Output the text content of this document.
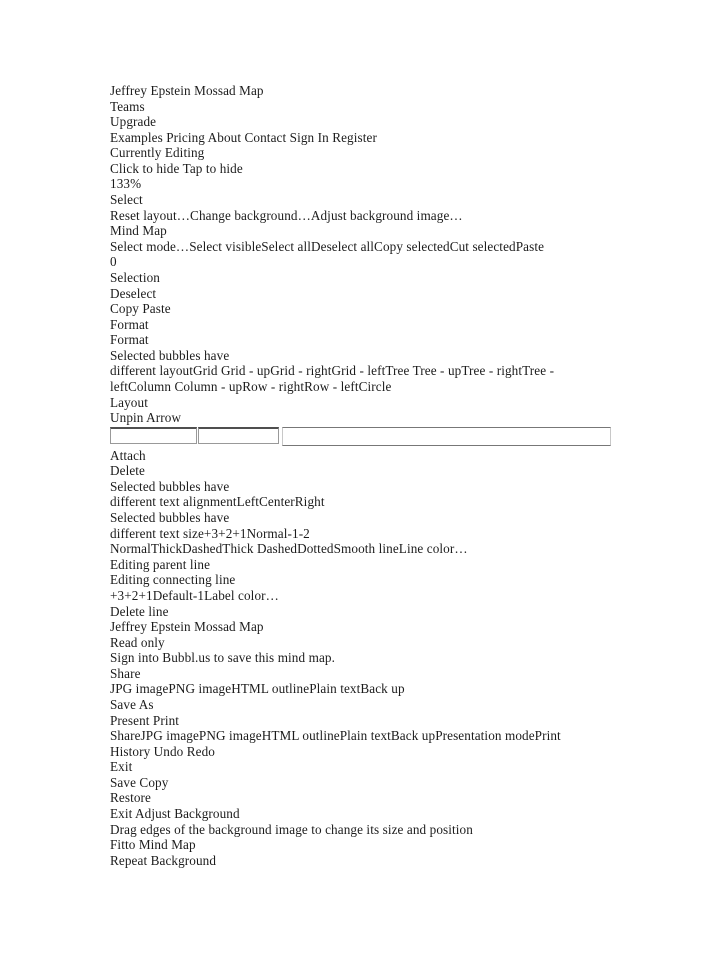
Jeffrey Epstein Mossad Map
Teams
Upgrade
Examples Pricing About Contact Sign In Register
Currently Editing
Click to hide Tap to hide
133%
Select
Reset layout…Change background…Adjust background image…
Mind Map
Select mode…Select visibleSelect allDeselect allCopy selectedCut selectedPaste
0
Selection
Deselect
Copy Paste
Format
Format
Selected bubbles have
different layoutGrid Grid - upGrid - rightGrid - leftTree Tree - upTree - rightTree -
leftColumn Column - upRow - rightRow - leftCircle
Layout
Unpin Arrow

Attach
Delete
Selected bubbles have
different text alignmentLeftCenterRight
Selected bubbles have
different text size+3+2+1Normal-1-2
NormalThickDashedThick DashedDottedSmooth lineLine color…
Editing parent line
Editing connecting line
+3+2+1Default-1Label color…
Delete line
Jeffrey Epstein Mossad Map
Read only
Sign into Bubbl.us to save this mind map.
Share
JPG imagePNG imageHTML outlinePlain textBack up
Save As
Present Print
ShareJPG imagePNG imageHTML outlinePlain textBack upPresentation modePrint
History Undo Redo
Exit
Save Copy
Restore
Exit Adjust Background
Drag edges of the background image to change its size and position
Fitto Mind Map
Repeat Background
